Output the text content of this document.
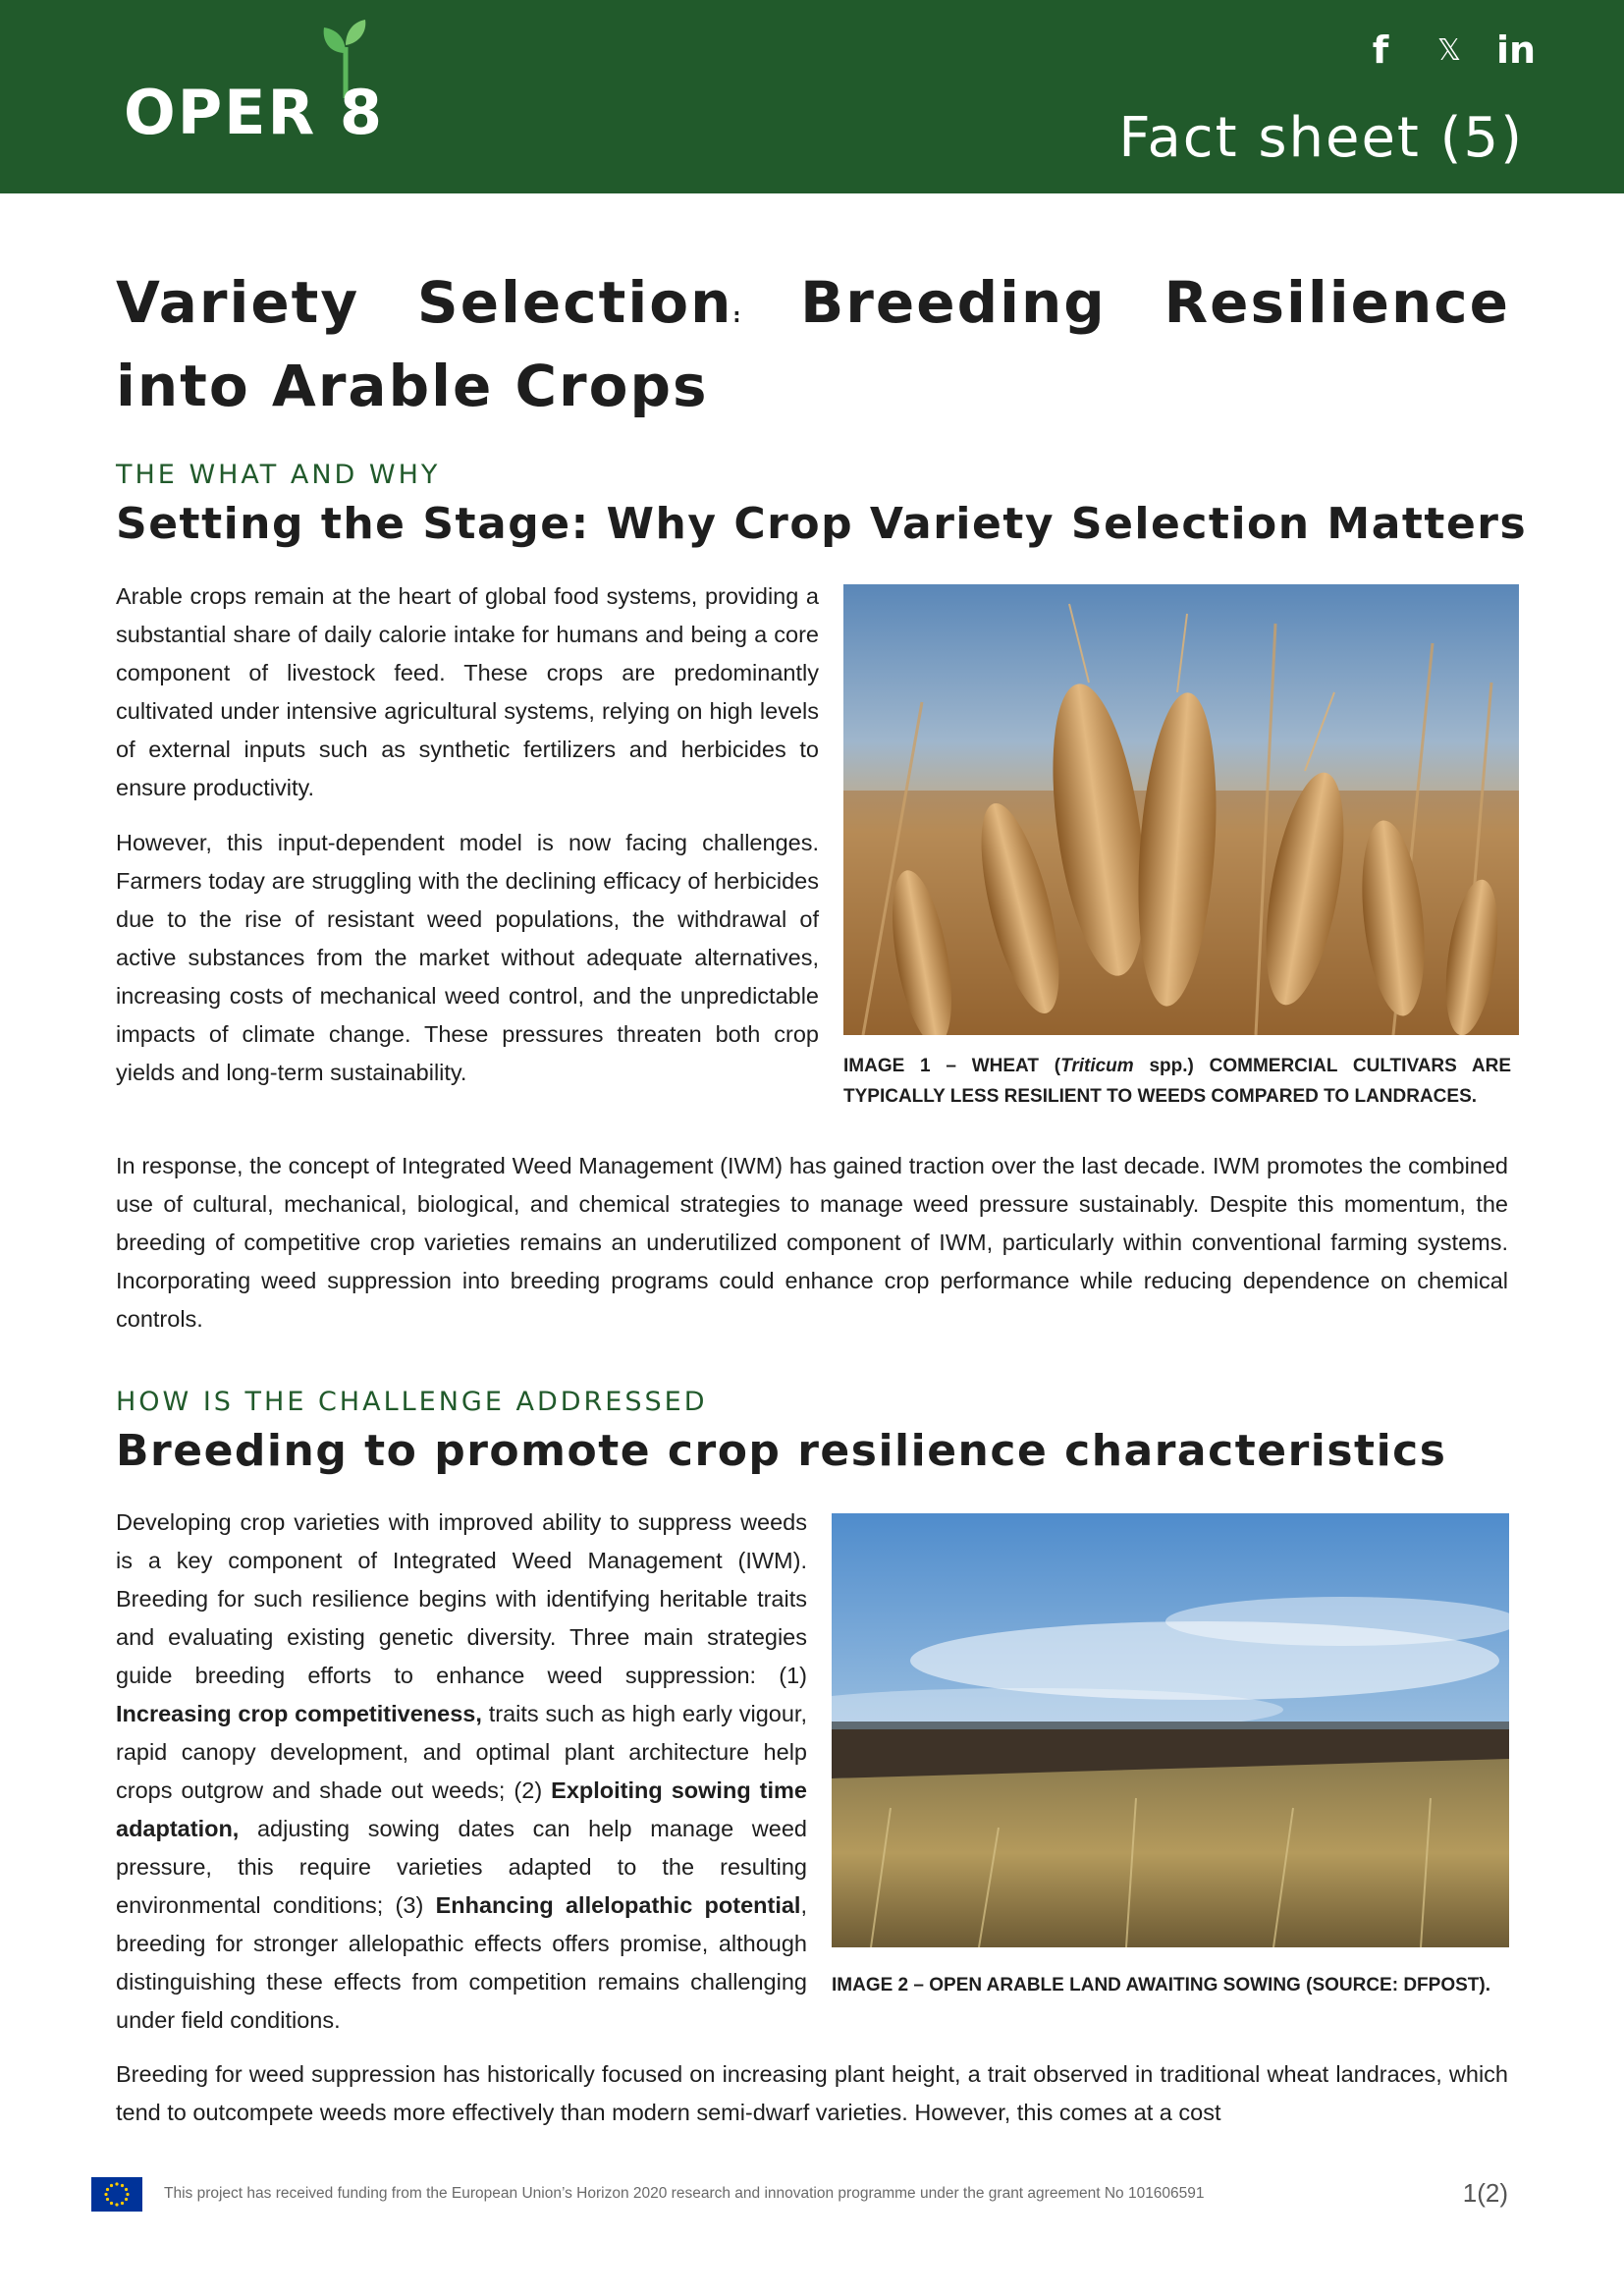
OPER 8
f	𝕏 in
Fact sheet (5)
Variety Selection: Breeding Resilience into Arable Crops
THE WHAT AND WHY
Setting the Stage: Why Crop Variety Selection Matters

Arable crops remain at the heart of global food systems, providing a substantial share of daily calorie intake for humans and being a core component of livestock feed. These crops are predominantly cultivated under intensive agricultural systems, relying on high levels of external inputs such as synthetic fertilizers and herbicides to ensure productivity.

However, this input-dependent model is now facing challenges. Farmers today are struggling with the declining efficacy of herbicides due to the rise of resistant weed populations, the withdrawal of active substances from the market without adequate alternatives, increasing costs of mechanical weed control, and the unpredictable impacts of climate change. These pressures threaten both crop yields and long-term sustainability.	IMAGE 1 – WHEAT (Triticum spp.) COMMERCIAL CULTIVARS ARE TYPICALLY LESS RESILIENT TO WEEDS COMPARED TO LANDRACES.

In response, the concept of Integrated Weed Management (IWM) has gained traction over the last decade. IWM promotes the combined use of cultural, mechanical, biological, and chemical strategies to manage weed pressure sustainably. Despite this momentum, the breeding of competitive crop varieties remains an underutilized component of IWM, particularly within conventional farming systems. Incorporating weed suppression into breeding programs could enhance crop performance while reducing dependence on chemical controls.

HOW IS THE CHALLENGE ADDRESSED
Breeding to promote crop resilience characteristics

Developing crop varieties with improved ability to suppress weeds is a key component of Integrated Weed Management (IWM). Breeding for such resilience begins with identifying heritable traits and evaluating existing genetic diversity. Three main strategies guide breeding efforts to enhance weed suppression: (1) Increasing crop competitiveness, traits such as high early vigour, rapid canopy development, and optimal plant architecture help crops outgrow and shade out weeds; (2) Exploiting sowing time adaptation, adjusting sowing dates can help manage weed pressure, this require varieties adapted to the resulting environmental conditions; (3) Enhancing allelopathic potential, breeding for stronger allelopathic effects offers promise, although distinguishing these effects from competition remains challenging under field conditions.

IMAGE 2 – OPEN ARABLE LAND AWAITING SOWING (SOURCE: DFPOST).

Breeding for weed suppression has historically focused on increasing plant height, a trait observed in traditional wheat landraces, which tend to outcompete weeds more effectively than modern semi-dwarf varieties. However, this comes at a cost

This project has received funding from the European Union’s Horizon 2020 research and innovation programme under the grant agreement No 101606591	1(2)
